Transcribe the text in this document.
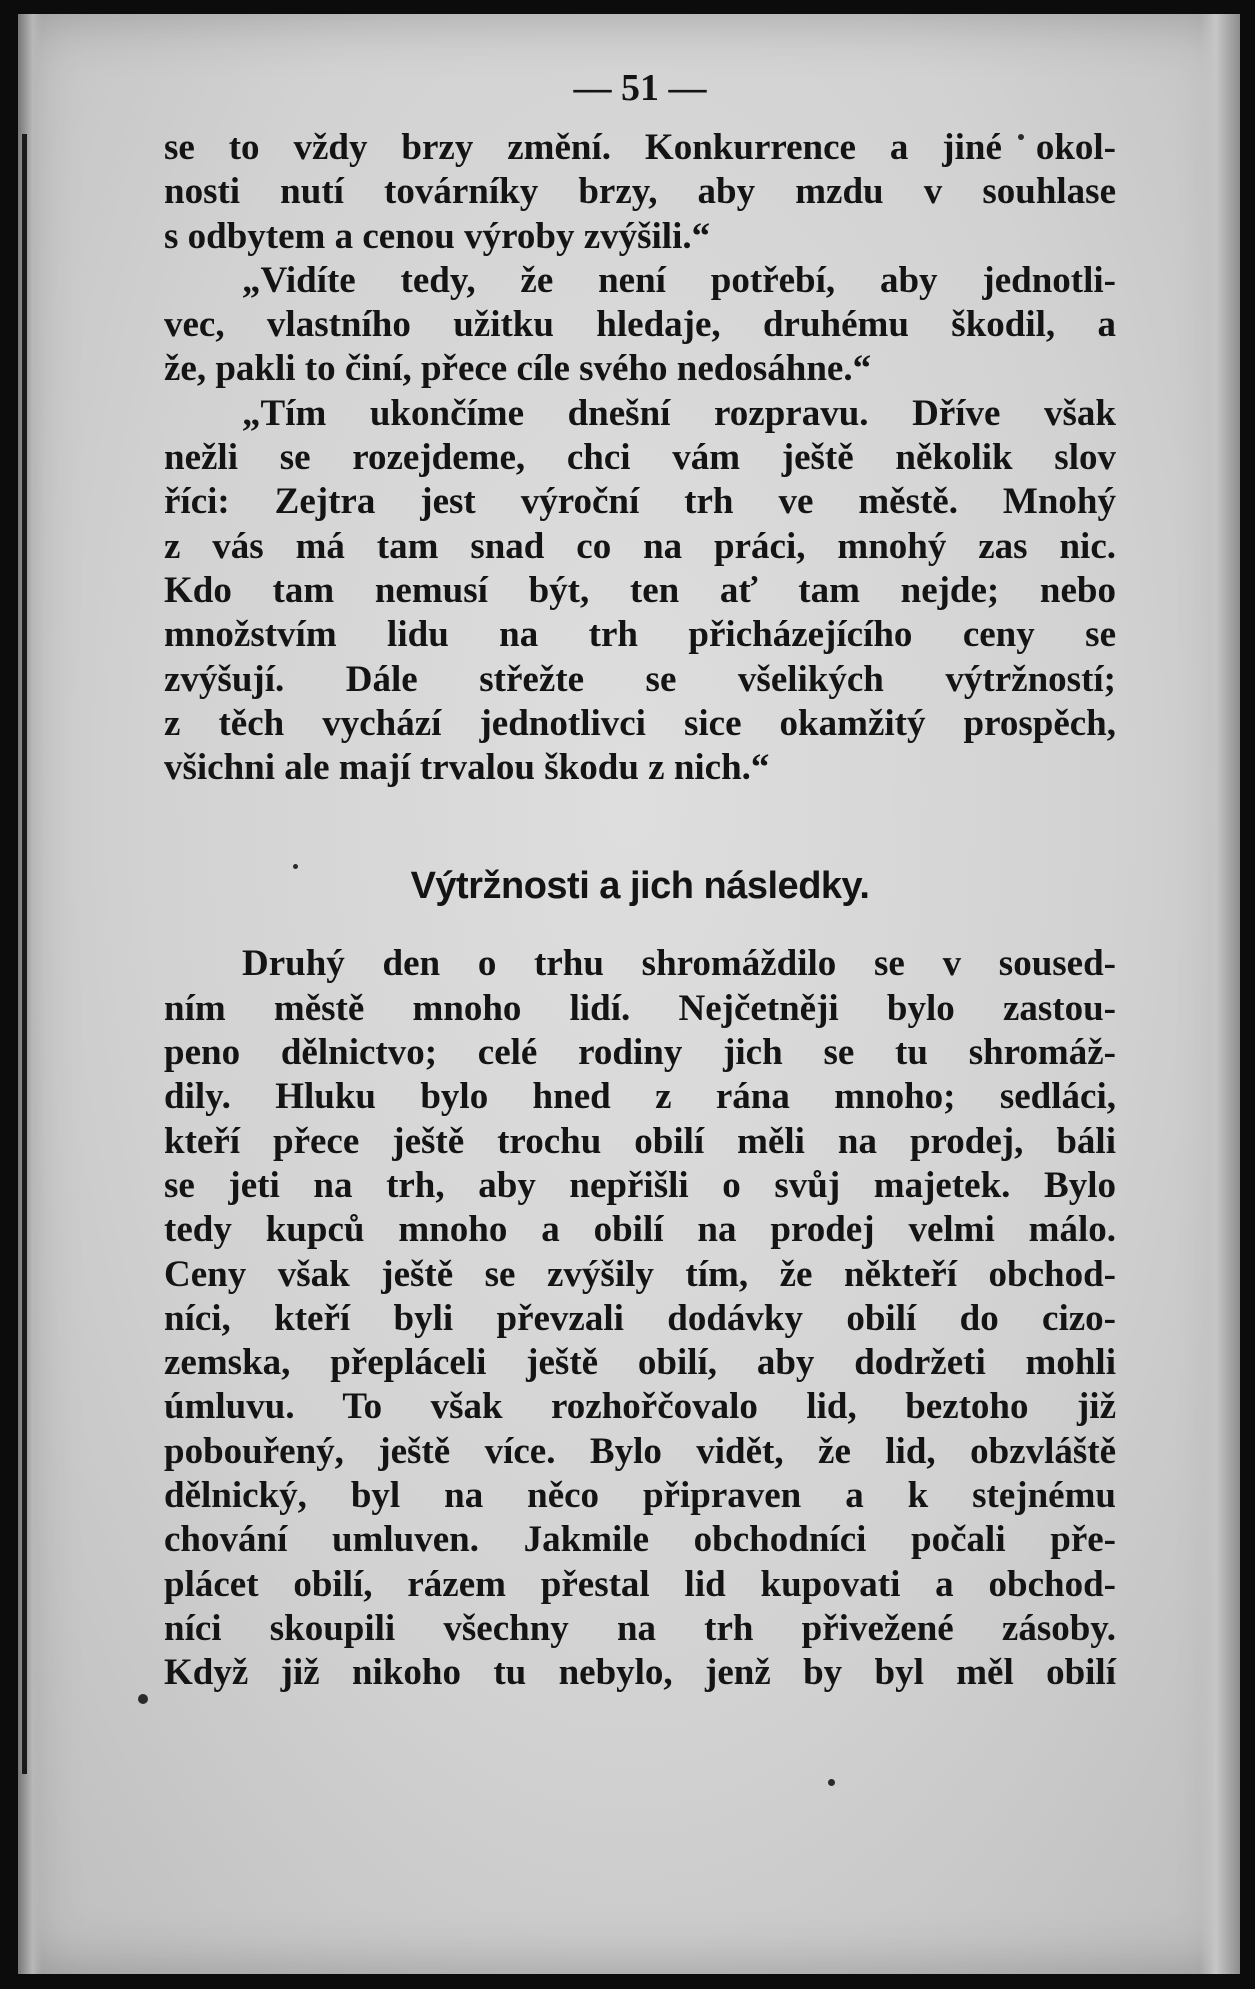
— 51 —
se to vždy brzy změní. Konkurrence a jiné okol-
nosti nutí továrníky brzy, aby mzdu v souhlase
s odbytem a cenou výroby zvýšili.“
„Vidíte tedy, že není potřebí, aby jednotli-
vec, vlastního užitku hledaje, druhému škodil, a
že, pakli to činí, přece cíle svého nedosáhne.“
„Tím ukončíme dnešní rozpravu. Dříve však
nežli se rozejdeme, chci vám ještě několik slov
říci: Zejtra jest výroční trh ve městě. Mnohý
z vás má tam snad co na práci, mnohý zas nic.
Kdo tam nemusí být, ten ať tam nejde; nebo
množstvím lidu na trh přicházejícího ceny se
zvýšují. Dále střežte se všelikých výtržností;
z těch vychází jednotlivci sice okamžitý prospěch,
všichni ale mají trvalou škodu z nich.“
Výtržnosti a jich následky.
Druhý den o trhu shromáždilo se v soused-
ním městě mnoho lidí. Nejčetněji bylo zastou-
peno dělnictvo; celé rodiny jich se tu shromáž-
dily. Hluku bylo hned z rána mnoho; sedláci,
kteří přece ještě trochu obilí měli na prodej, báli
se jeti na trh, aby nepřišli o svůj majetek. Bylo
tedy kupců mnoho a obilí na prodej velmi málo.
Ceny však ještě se zvýšily tím, že někteří obchod-
níci, kteří byli převzali dodávky obilí do cizo-
zemska, přepláceli ještě obilí, aby dodržeti mohli
úmluvu. To však rozhořčovalo lid, beztoho již
pobouřený, ještě více. Bylo vidět, že lid, obzvláště
dělnický, byl na něco připraven a k stejnému
chování umluven. Jakmile obchodníci počali pře-
plácet obilí, rázem přestal lid kupovati a obchod-
níci skoupili všechny na trh přivežené zásoby.
Když již nikoho tu nebylo, jenž by byl měl obilí
